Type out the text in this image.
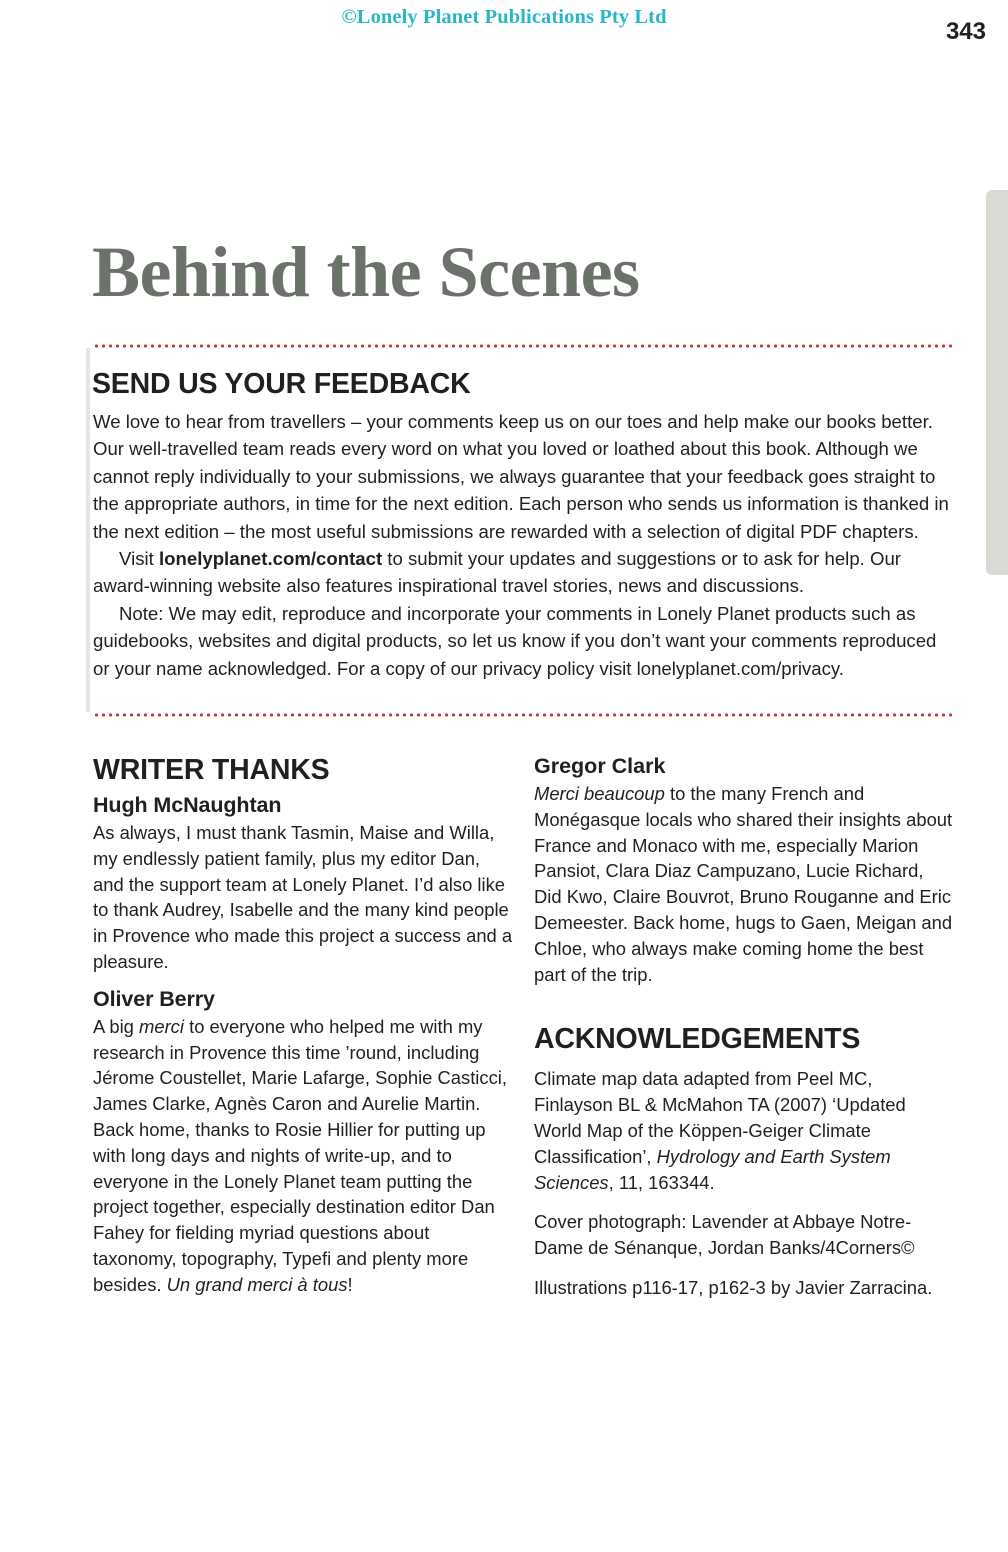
©Lonely Planet Publications Pty Ltd
343
Behind the Scenes
SEND US YOUR FEEDBACK

We love to hear from travellers – your comments keep us on our toes and help make our books better. Our well-travelled team reads every word on what you loved or loathed about this book. Although we cannot reply individually to your submissions, we always guarantee that your feedback goes straight to the appropriate authors, in time for the next edition. Each person who sends us information is thanked in the next edition – the most useful submissions are rewarded with a selection of digital PDF chapters.

Visit lonelyplanet.com/contact to submit your updates and suggestions or to ask for help. Our award-winning website also features inspirational travel stories, news and discussions.

Note: We may edit, reproduce and incorporate your comments in Lonely Planet products such as guidebooks, websites and digital products, so let us know if you don’t want your comments reproduced or your name acknowledged. For a copy of our privacy policy visit lonelyplanet.com/privacy.

WRITER THANKS
Hugh McNaughtan

As always, I must thank Tasmin, Maise and Willa, my endlessly patient family, plus my editor Dan, and the support team at Lonely Planet. I’d also like to thank Audrey, Isabelle and the many kind people in Provence who made this project a success and a pleasure.

Oliver Berry

A big merci to everyone who helped me with my research in Provence this time ’round, including Jérome Coustellet, Marie Lafarge, Sophie Casticci, James Clarke, Agnès Caron and Aurelie Martin. Back home, thanks to Rosie Hillier for putting up with long days and nights of write-up, and to everyone in the Lonely Planet team putting the project together, especially destination editor Dan Fahey for fielding myriad questions about taxonomy, topography, Typefi and plenty more besides. Un grand merci à tous!

Gregor Clark

Merci beaucoup to the many French and Monégasque locals who shared their insights about France and Monaco with me, especially Marion Pansiot, Clara Diaz Campuzano, Lucie Richard, Did Kwo, Claire Bouvrot, Bruno Rouganne and Eric Demeester. Back home, hugs to Gaen, Meigan and Chloe, who always make coming home the best part of the trip.

ACKNOWLEDGEMENTS

Climate map data adapted from Peel MC, Finlayson BL & McMahon TA (2007) ‘Updated World Map of the Köppen-Geiger Climate Classification’, Hydrology and Earth System Sciences, 11, 163344.

Cover photograph: Lavender at Abbaye Notre-Dame de Sénanque, Jordan Banks/4Corners©

Illustrations p116-17, p162-3 by Javier Zarracina.
